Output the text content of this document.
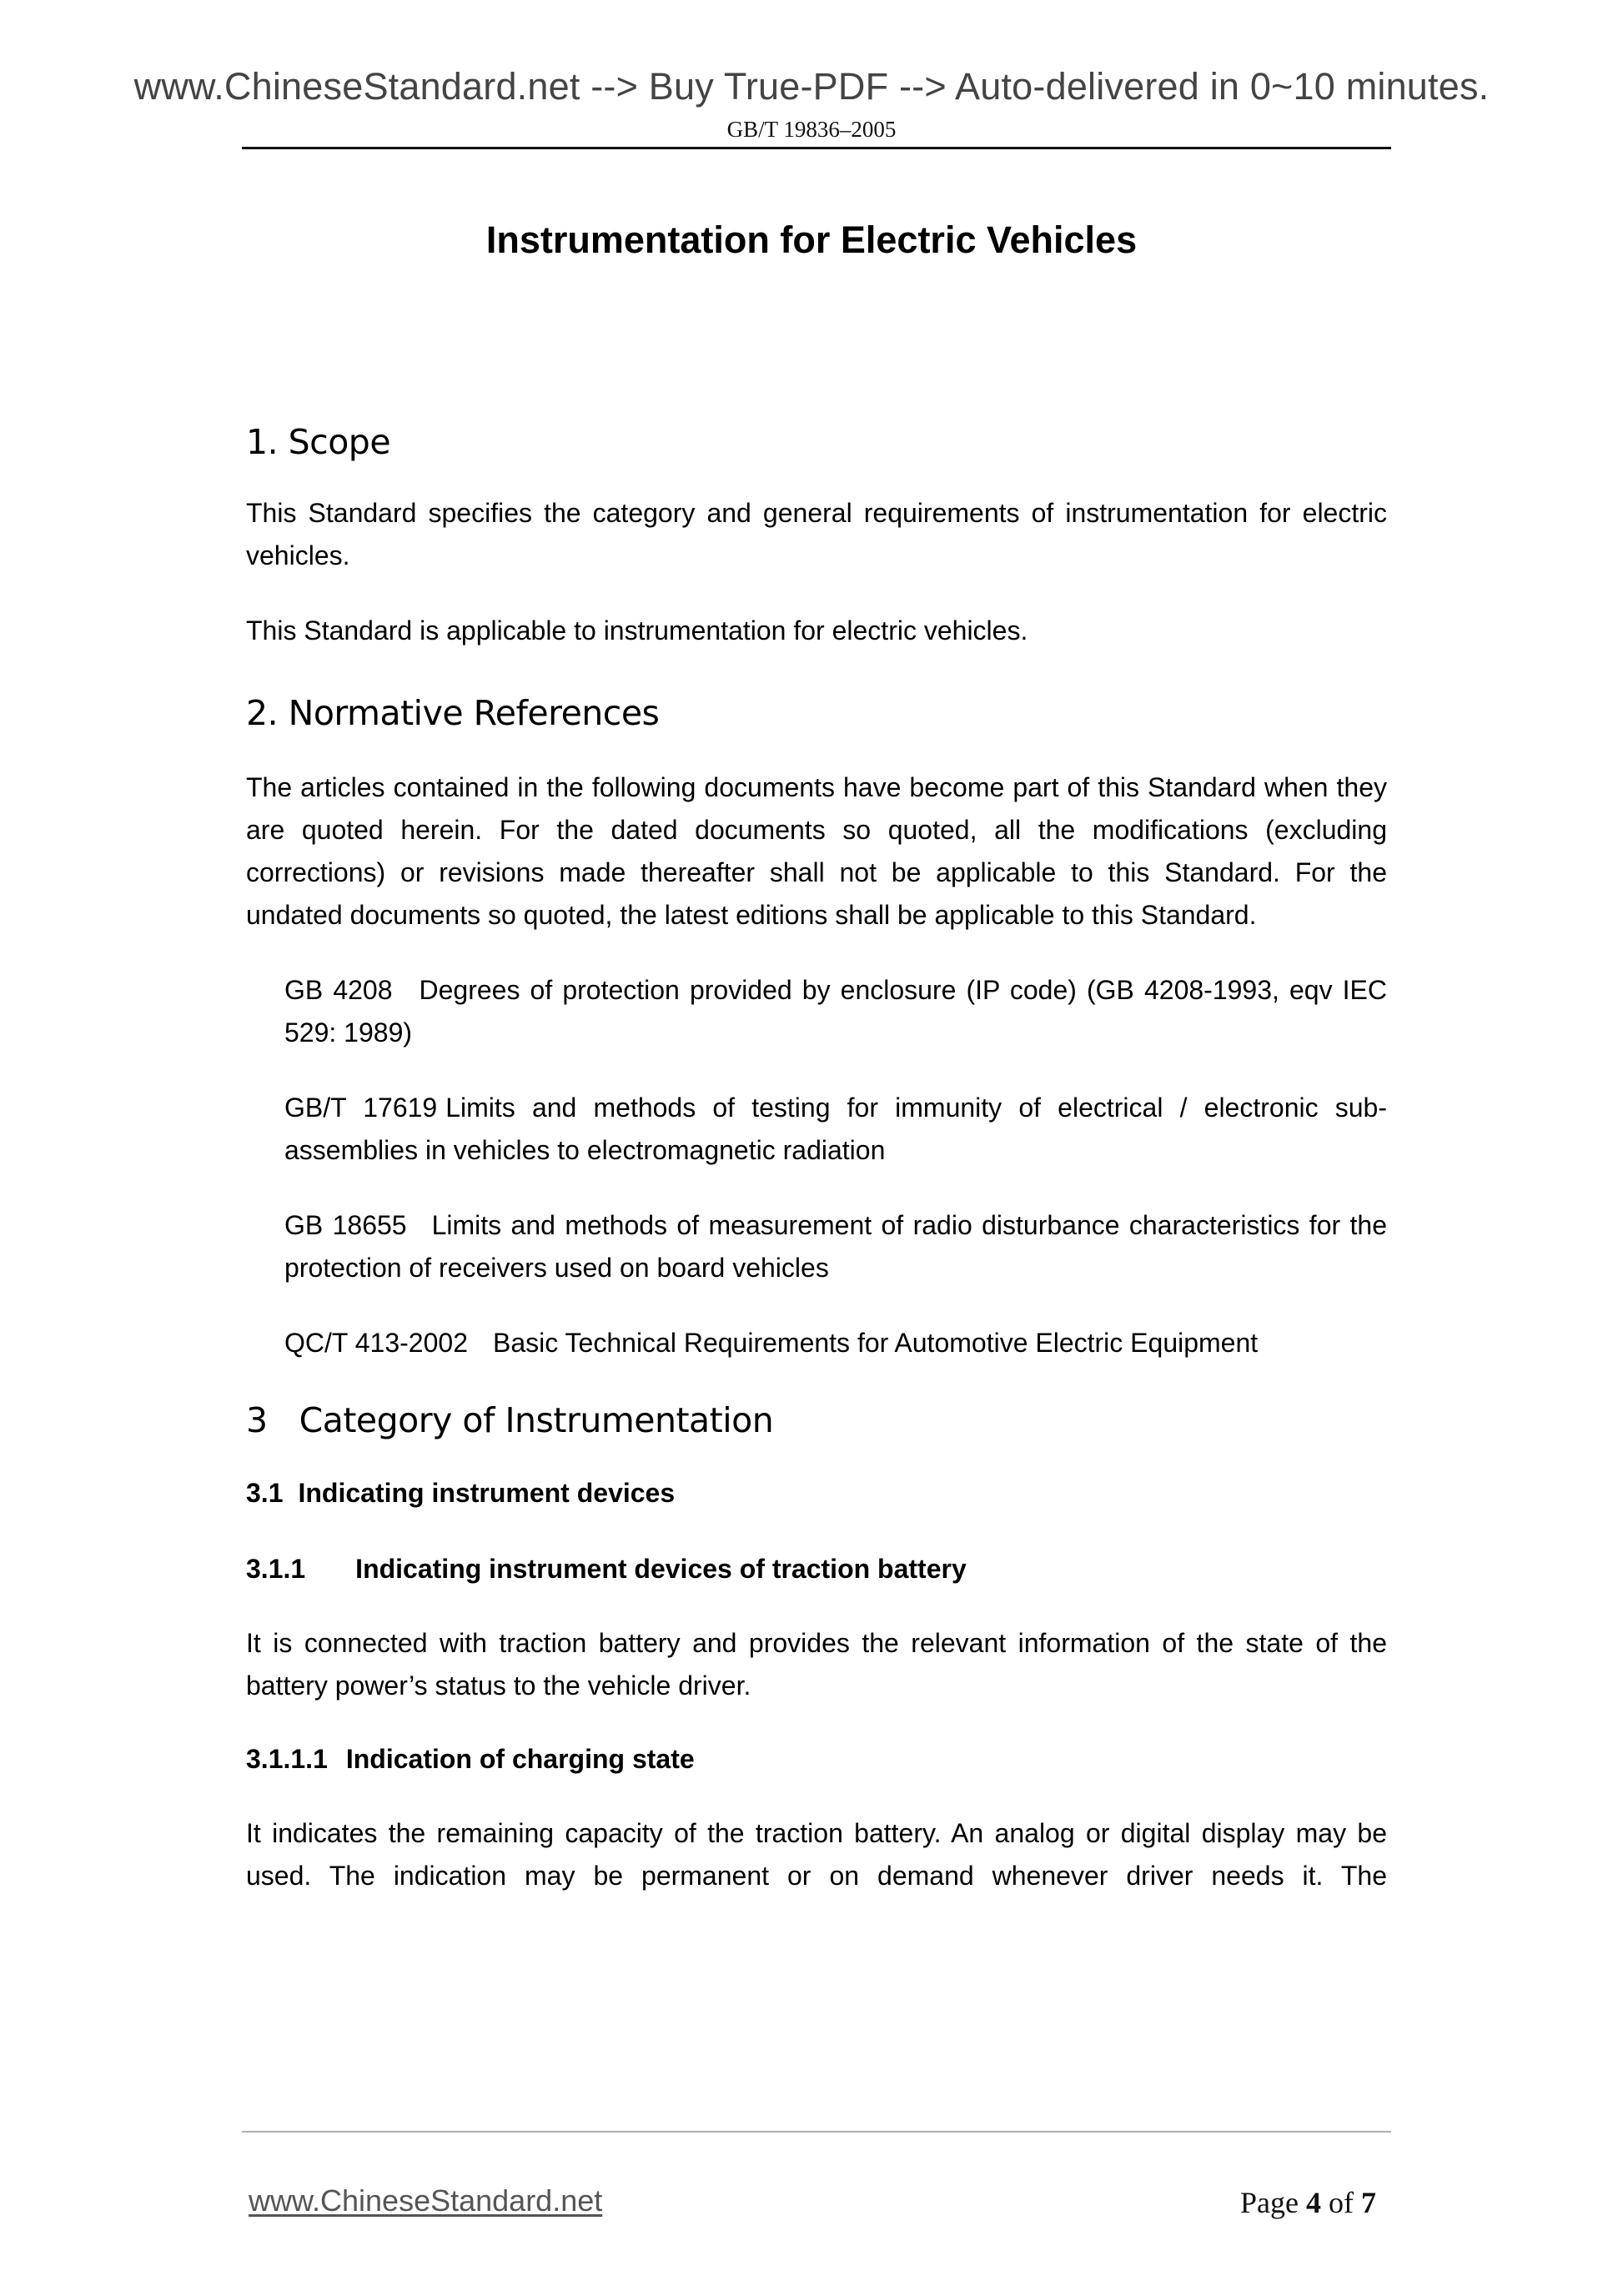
www.ChineseStandard.net --> Buy True-PDF --> Auto-delivered in 0~10 minutes.
GB/T 19836–2005
Instrumentation for Electric Vehicles
1. Scope

This Standard specifies the category and general requirements of instrumentation for electric vehicles.

This Standard is applicable to instrumentation for electric vehicles.

2. Normative References

The articles contained in the following documents have become part of this Standard when they are quoted herein. For the dated documents so quoted, all the modifications (excluding corrections) or revisions made thereafter shall not be applicable to this Standard. For the undated documents so quoted, the latest editions shall be applicable to this Standard.

GB 4208 Degrees of protection provided by enclosure (IP code) (GB 4208-1993, eqv IEC 529: 1989)

GB/T 17619 Limits and methods of testing for immunity of electrical / electronic sub-assemblies in vehicles to electromagnetic radiation

GB 18655 Limits and methods of measurement of radio disturbance characteristics for the protection of receivers used on board vehicles

QC/T 413-2002 Basic Technical Requirements for Automotive Electric Equipment

3 Category of Instrumentation
3.1 Indicating instrument devices
3.1.1 Indicating instrument devices of traction battery

It is connected with traction battery and provides the relevant information of the state of the battery power’s status to the vehicle driver.

3.1.1.1 Indication of charging state

It indicates the remaining capacity of the traction battery. An analog or digital display may be used. The indication may be permanent or on demand whenever driver needs it. The

www.ChineseStandard.net	Page 4 of 7
